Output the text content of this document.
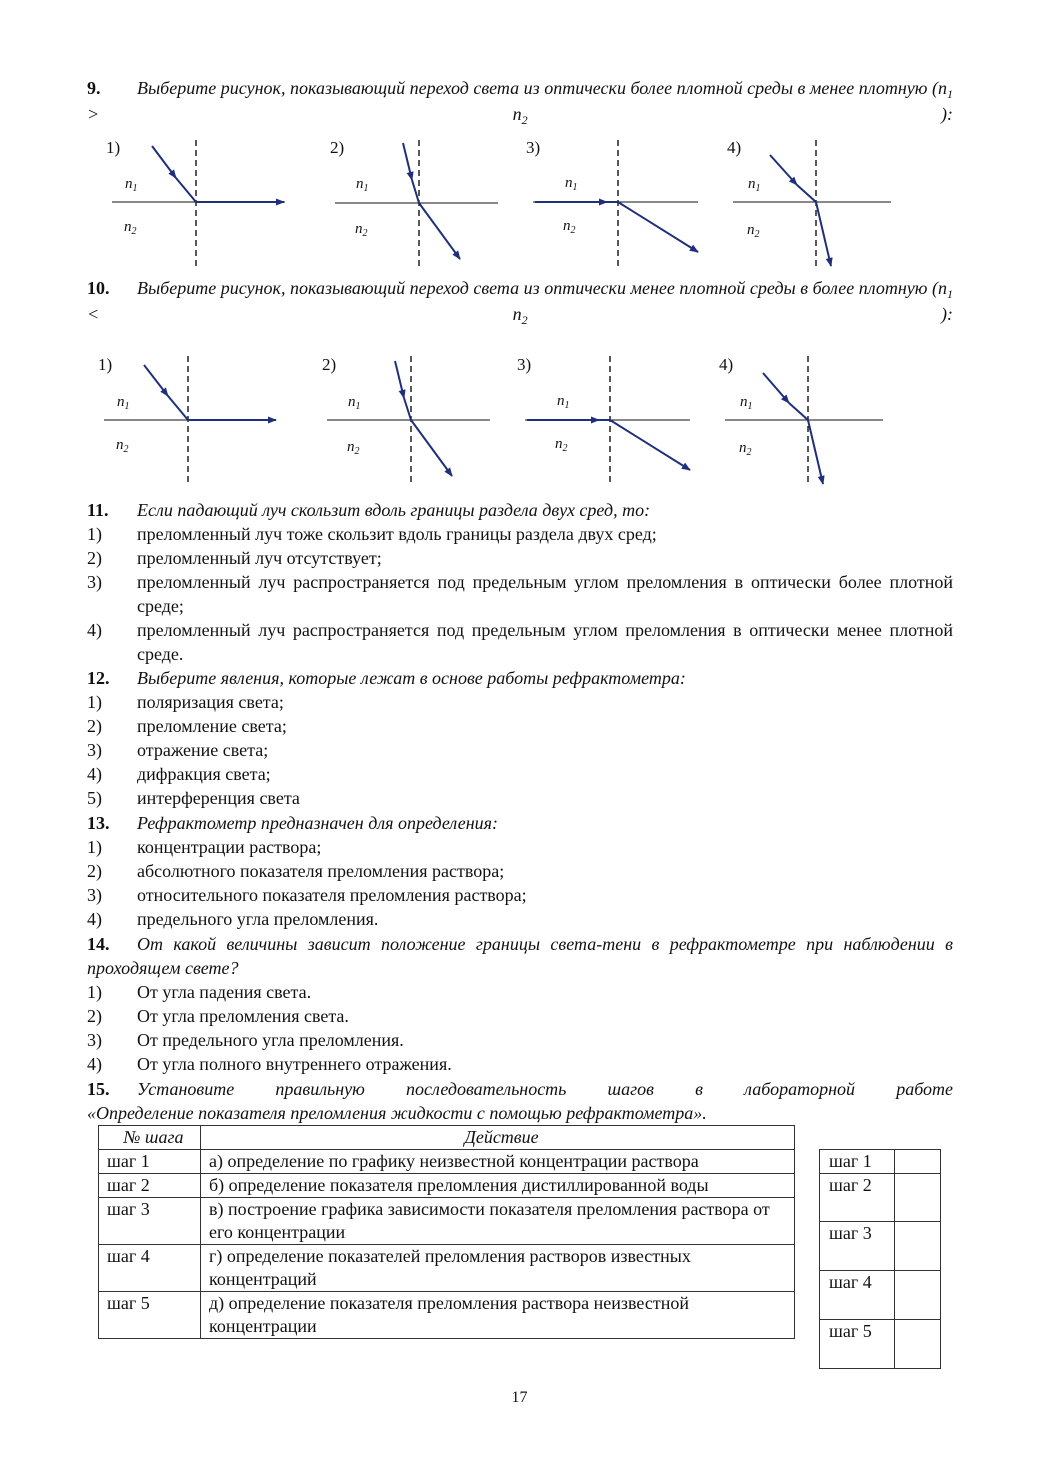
9. Выберите рисунок, показывающий переход света из оптически более плотной среды в менее плотную ($n_1 > n_2$ ):
1)
$n_1$
$n_2$
2)
$n_1$
$n_2$
3)
$n_1$
$n_2$
4)
$n_1$
$n_2$
10. Выберите рисунок, показывающий переход света из оптически менее плотной среды в более плотную ($n_1 < n_2$ ):
1)
$n_1$
$n_2$
2)
$n_1$
$n_2$
3)
$n_1$
$n_2$
4)
$n_1$
$n_2$
11. Если падающий луч скользит вдоль границы раздела двух сред, то:
1) преломленный луч тоже скользит вдоль границы раздела двух сред;
2) преломленный луч отсутствует;
3) преломленный луч распространяется под предельным углом преломления в оптически более плотной среде;
4) преломленный луч распространяется под предельным углом преломления в оптически менее плотной среде.
12. Выберите явления, которые лежат в основе работы рефрактометра:
1) поляризация света;
2) преломление света;
3) отражение света;
4) дифракция света;
5) интерференция света
13. Рефрактометр предназначен для определения:
1) концентрации раствора;
2) абсолютного показателя преломления раствора;
3) относительного показателя преломления раствора;
4) предельного угла преломления.
14. От какой величины зависит положение границы света-тени в рефрактометре при наблюдении в проходящем свете?
1) От угла падения света.
2) От угла преломления света.
3) От предельного угла преломления.
4) От угла полного внутреннего отражения.
15. Установите правильную последовательность шагов в лабораторной работе
«Определение показателя преломления жидкости с помощью рефрактометра».
№ шага	Действие
шаг 1	а) определение по графику неизвестной концентрации раствора
шаг 2	б) определение показателя преломления дистиллированной воды
шаг 3	в) построение графика зависимости показателя преломления раствора от его концентрации
шаг 4	г) определение показателей преломления растворов известных концентраций
шаг 5	д) определение показателя преломления раствора неизвестной концентрации
шаг 1	
шаг 2	
шаг 3	
шаг 4	
шаг 5	
17
